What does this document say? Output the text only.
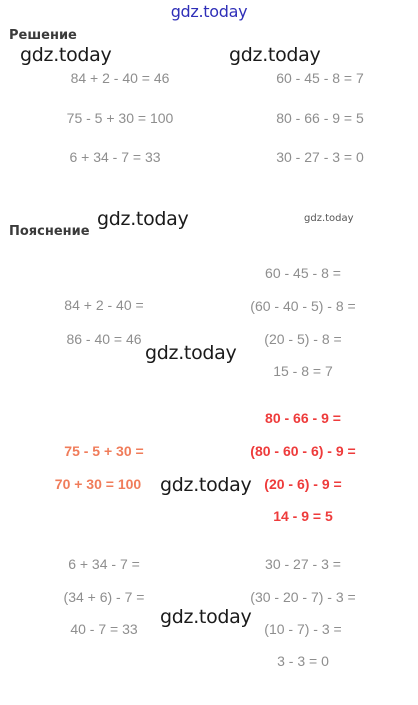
gdz.today
Решение
gdz.today	gdz.today
84 + 2 - 40 = 46
75 - 5 + 30 = 100
6 + 34 - 7 = 33
60 - 45 - 8 = 7
80 - 66 - 9 = 5
30 - 27 - 3 = 0
Пояснение
gdz.today	gdz.today
84 + 2 - 40 =
86 - 40 = 46
60 - 45 - 8 =
(60 - 40 - 5) - 8 =
(20 - 5) - 8 =
15 - 8 = 7
gdz.today
75 - 5 + 30 =
70 + 30 = 100
80 - 66 - 9 =
(80 - 60 - 6) - 9 =
(20 - 6) - 9 =
14 - 9 = 5
gdz.today
6 + 34 - 7 =
(34 + 6) - 7 =
40 - 7 = 33
30 - 27 - 3 =
(30 - 20 - 7) - 3 =
(10 - 7) - 3 =
3 - 3 = 0
gdz.today
